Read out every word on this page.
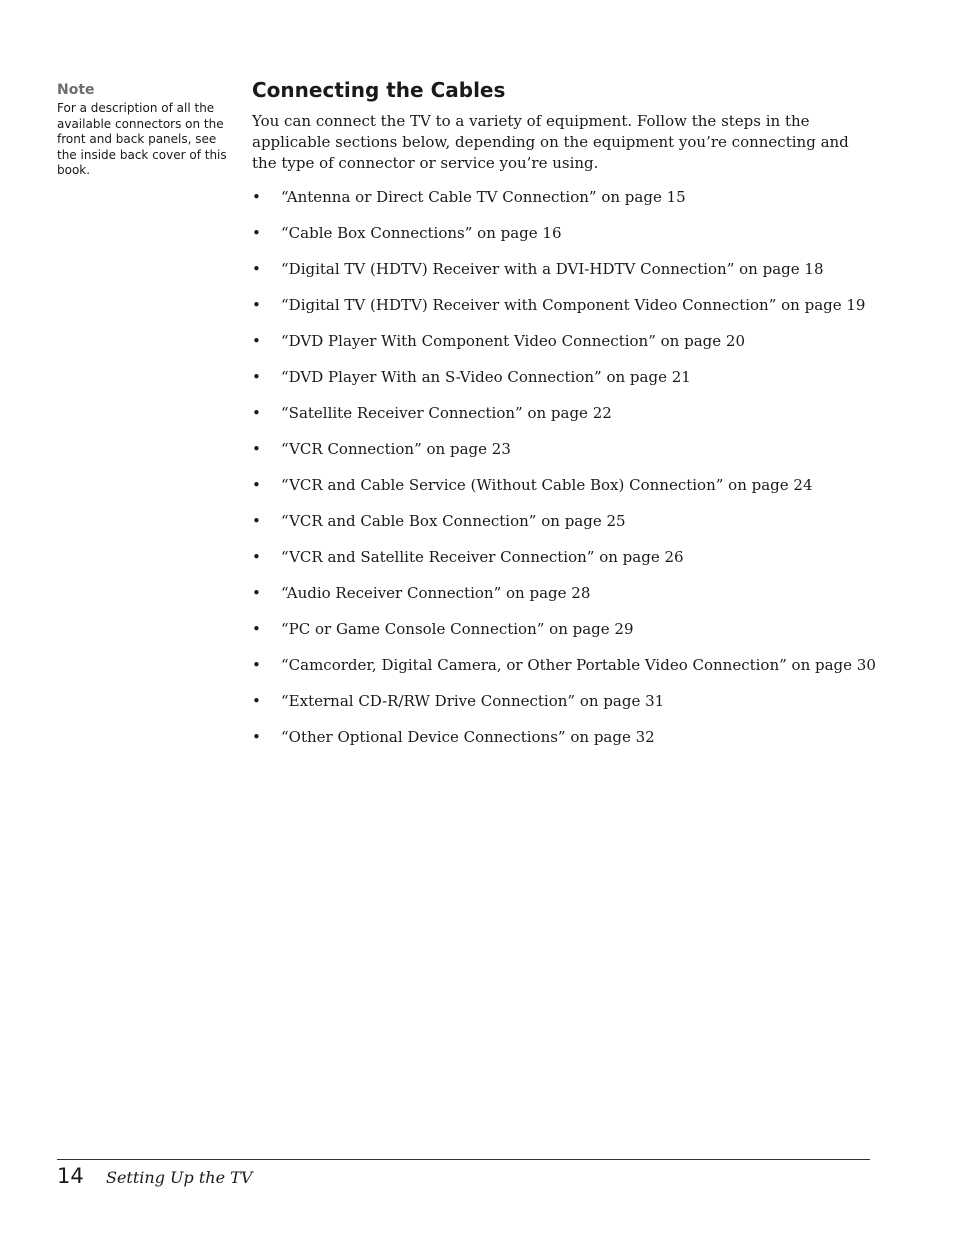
Note

For a description of all the available connectors on the front and back panels, see the inside back cover of this book.

Connecting the Cables

You can connect the TV to a variety of equipment. Follow the steps in the applicable sections below, depending on the equipment you’re connecting and the type of connector or service you’re using.

• “Antenna or Direct Cable TV Connection” on page 15
• “Cable Box Connections” on page 16
• “Digital TV (HDTV) Receiver with a DVI-HDTV Connection” on page 18
• “Digital TV (HDTV) Receiver with Component Video Connection” on page 19
• “DVD Player With Component Video Connection” on page 20
• “DVD Player With an S-Video Connection” on page 21
• “Satellite Receiver Connection” on page 22
• “VCR Connection” on page 23
• “VCR and Cable Service (Without Cable Box) Connection” on page 24
• “VCR and Cable Box Connection” on page 25
• “VCR and Satellite Receiver Connection” on page 26
• “Audio Receiver Connection” on page 28
• “PC or Game Console Connection” on page 29
• “Camcorder, Digital Camera, or Other Portable Video Connection” on page 30
• “External CD-R/RW Drive Connection” on page 31
• “Other Optional Device Connections” on page 32
14 Setting Up the TV
